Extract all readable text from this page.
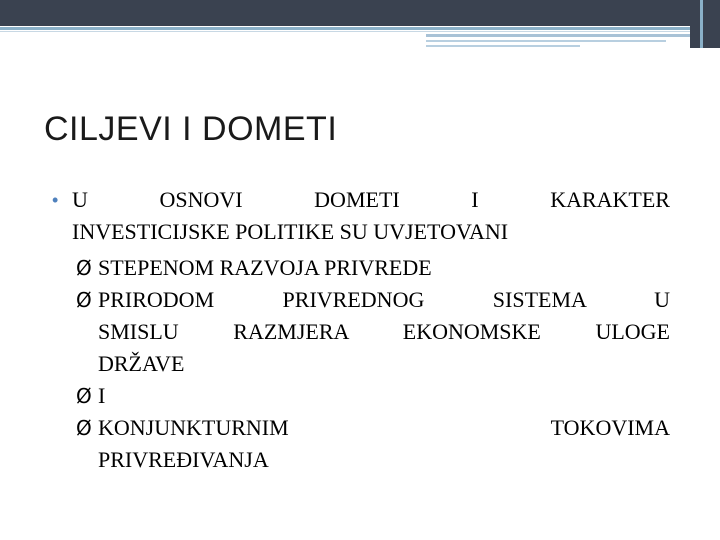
CILJEVI I DOMETI
• U OSNOVI DOMETI I KARAKTER
INVESTICIJSKE POLITIKE SU UVJETOVANI
Ø STEPENOM RAZVOJA PRIVREDE
Ø PRIRODOM PRIVREDNOG SISTEMA U
SMISLU RAZMJERA EKONOMSKE ULOGE
DRŽAVE
Ø I
Ø KONJUNKTURNIM TOKOVIMA
PRIVREĐIVANJA
